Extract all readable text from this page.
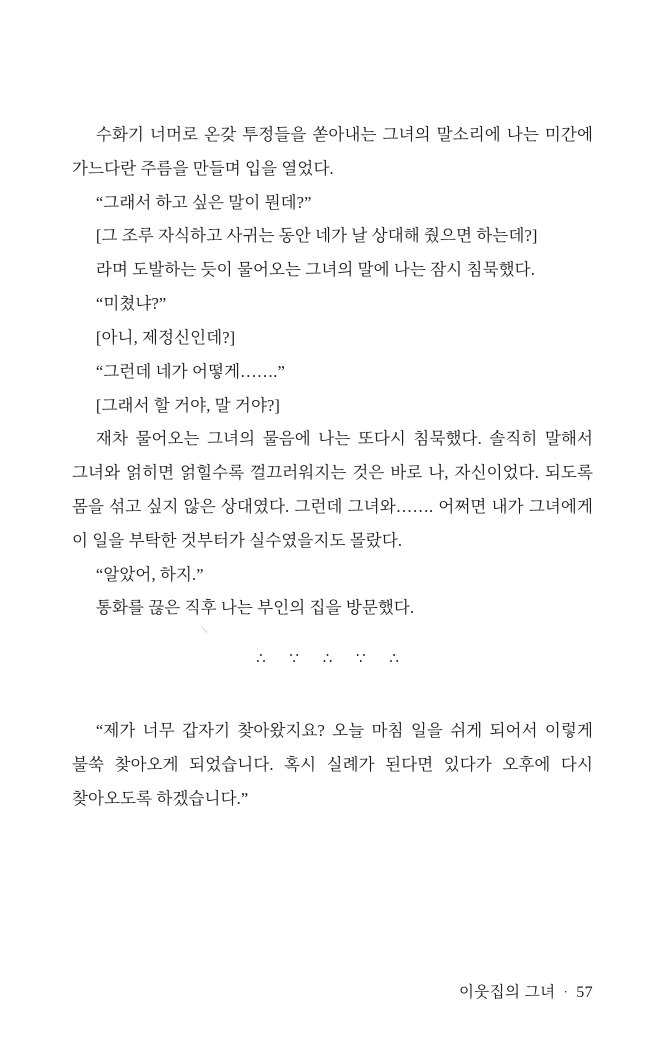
수화기 너머로 온갖 투정들을 쏟아내는 그녀의 말소리에 나는 미간에 가느다란 주름을 만들며 입을 열었다.

“그래서 하고 싶은 말이 뭔데?”

[그 조루 자식하고 사귀는 동안 네가 날 상대해 줬으면 하는데?]

라며 도발하는 듯이 물어오는 그녀의 말에 나는 잠시 침묵했다.

“미쳤냐?”

[아니, 제정신인데?]

“그런데 네가 어떻게…….”

[그래서 할 거야, 말 거야?]

재차 물어오는 그녀의 물음에 나는 또다시 침묵했다. 솔직히 말해서 그녀와 얽히면 얽힐수록 껄끄러워지는 것은 바로 나, 자신이었다. 되도록 몸을 섞고 싶지 않은 상대였다. 그런데 그녀와……. 어쩌면 내가 그녀에게 이 일을 부탁한 것부터가 실수였을지도 몰랐다.

“알았어, 하지.”

통화를 끊은 직후 나는 부인의 집을 방문했다.

∴ ∵ ∴ ∵ ∴

“제가 너무 갑자기 찾아왔지요? 오늘 마침 일을 쉬게 되어서 이렇게 불쑥 찾아오게 되었습니다. 혹시 실례가 된다면 있다가 오후에 다시 찾아오도록 하겠습니다.”

↘
이웃집의 그녀 · 57
